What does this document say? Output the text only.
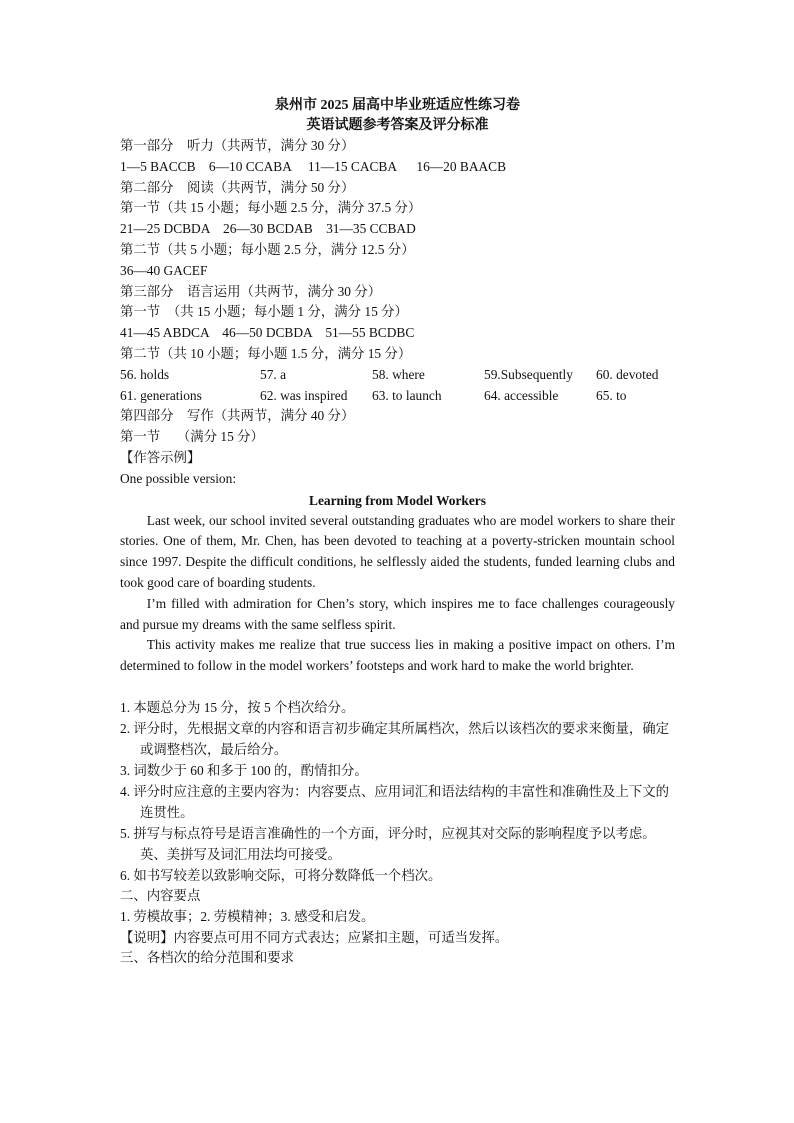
泉州市 2025 届高中毕业班适应性练习卷

英语试题参考答案及评分标准

第一部分　听力（共两节，满分 30 分）

1—5 BACCB　6—10 CCABA　 11—15 CACBA　  16—20 BAACB

第二部分　阅读（共两节，满分 50 分）

第一节（共 15 小题；每小题 2.5 分，满分 37.5 分）

21—25 DCBDA　26—30 BCDAB　31—35 CCBAD

第二节（共 5 小题；每小题 2.5 分，满分 12.5 分）

36—40 GACEF

第三部分　语言运用（共两节，满分 30 分）

第一节　（共 15 小题；每小题 1 分，满分 15 分）

41—45 ABDCA　46—50 DCBDA　51—55 BCDBC

第二节（共 10 小题；每小题 1.5 分，满分 15 分）

56. holds	57. a	58. where	59.Subsequently 60. devoted
61. generations	62. was inspired 63. to launch	64. accessible	65. to

第四部分　写作（共两节，满分 40 分）

第一节　 （满分 15 分）

【作答示例】

One possible version:

Learning from Model Workers

Last week, our school invited several outstanding graduates who are model workers to share their stories. One of them, Mr. Chen, has been devoted to teaching at a poverty-stricken mountain school since 1997. Despite the difficult conditions, he selflessly aided the students, funded learning clubs and took good care of boarding students.

I’m filled with admiration for Chen’s story, which inspires me to face challenges courageously and pursue my dreams with the same selfless spirit.

This activity makes me realize that true success lies in making a positive impact on others. I’m determined to follow in the model workers’ footsteps and work hard to make the world brighter.

1. 本题总分为 15 分，按 5 个档次给分。

2. 评分时，先根据文章的内容和语言初步确定其所属档次，然后以该档次的要求来衡量，确定或调整档次，最后给分。

3. 词数少于 60 和多于 100 的，酌情扣分。

4. 评分时应注意的主要内容为：内容要点、应用词汇和语法结构的丰富性和准确性及上下文的连贯性。

5. 拼写与标点符号是语言准确性的一个方面，评分时，应视其对交际的影响程度予以考虑。英、美拼写及词汇用法均可接受。

6. 如书写较差以致影响交际，可将分数降低一个档次。

二、内容要点

1. 劳模故事；2. 劳模精神；3. 感受和启发。

【说明】内容要点可用不同方式表达；应紧扣主题，可适当发挥。

三、各档次的给分范围和要求
